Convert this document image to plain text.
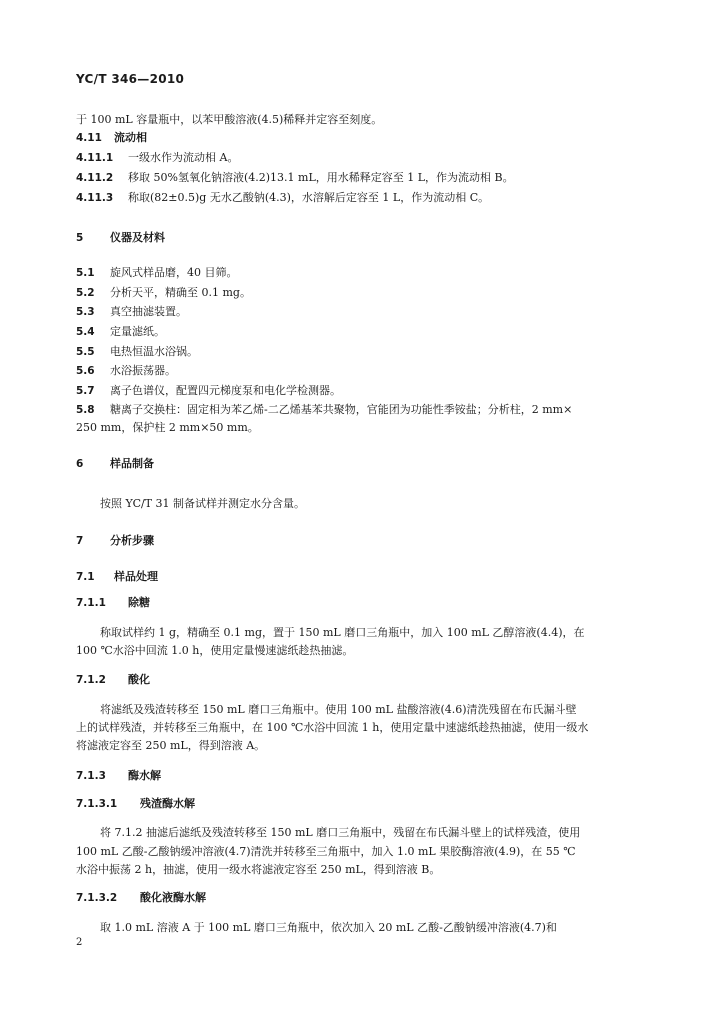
YC/T 346—2010
于 100 mL 容量瓶中，以苯甲酸溶液(4.5)稀释并定容至刻度。
4.11 流动相
4.11.1 一级水作为流动相 A。
4.11.2 移取 50%氢氧化钠溶液(4.2)13.1 mL，用水稀释定容至 1 L，作为流动相 B。
4.11.3 称取(82±0.5)g 无水乙酸钠(4.3)，水溶解后定容至 1 L，作为流动相 C。
5 仪器及材料
5.1 旋风式样品磨，40 目筛。
5.2 分析天平，精确至 0.1 mg。
5.3 真空抽滤装置。
5.4 定量滤纸。
5.5 电热恒温水浴锅。
5.6 水浴振荡器。
5.7 离子色谱仪，配置四元梯度泵和电化学检测器。
5.8 糖离子交换柱：固定相为苯乙烯-二乙烯基苯共聚物，官能团为功能性季铵盐；分析柱，2 mm×
250 mm，保护柱 2 mm×50 mm。
6 样品制备
按照 YC/T 31 制备试样并测定水分含量。
7 分析步骤
7.1 样品处理
7.1.1 除糖
称取试样约 1 g，精确至 0.1 mg，置于 150 mL 磨口三角瓶中，加入 100 mL 乙醇溶液(4.4)，在
100 ℃水浴中回流 1.0 h，使用定量慢速滤纸趁热抽滤。
7.1.2 酸化
将滤纸及残渣转移至 150 mL 磨口三角瓶中。使用 100 mL 盐酸溶液(4.6)清洗残留在布氏漏斗壁
上的试样残渣，并转移至三角瓶中，在 100 ℃水浴中回流 1 h，使用定量中速滤纸趁热抽滤，使用一级水
将滤液定容至 250 mL，得到溶液 A。
7.1.3 酶水解
7.1.3.1 残渣酶水解
将 7.1.2 抽滤后滤纸及残渣转移至 150 mL 磨口三角瓶中，残留在布氏漏斗壁上的试样残渣，使用
100 mL 乙酸-乙酸钠缓冲溶液(4.7)清洗并转移至三角瓶中，加入 1.0 mL 果胶酶溶液(4.9)，在 55 ℃
水浴中振荡 2 h，抽滤，使用一级水将滤液定容至 250 mL，得到溶液 B。
7.1.3.2 酸化液酶水解
取 1.0 mL 溶液 A 于 100 mL 磨口三角瓶中，依次加入 20 mL 乙酸-乙酸钠缓冲溶液(4.7)和
2
